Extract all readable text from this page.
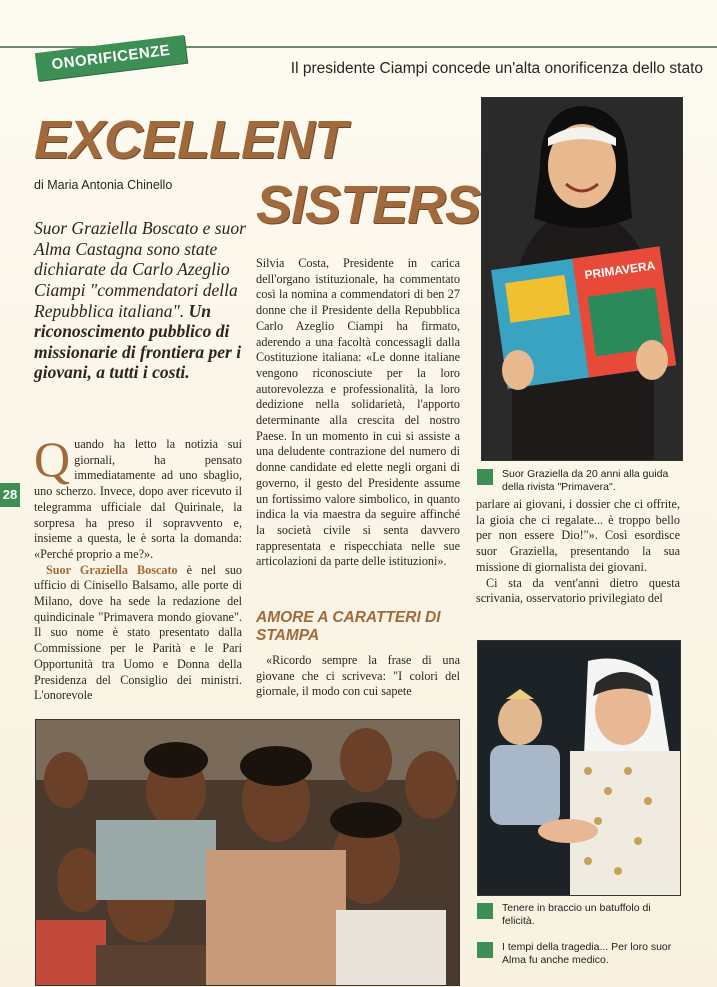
ONORIFICENZE	Il presidente Ciampi concede un'alta onorificenza dello stato
EXCELLENT
SISTERS
di Maria Antonia Chinello
Suor Graziella Boscato e suor Alma Castagna sono state dichiarate da Carlo Azeglio Ciampi "commendatori della Repubblica italiana". Un riconoscimento pubblico di missionarie di frontiera per i giovani, a tutti i costi.
28

Quando ha letto la notizia sui giornali, ha pensato immediatamente ad uno sbaglio, uno scherzo. Invece, dopo aver ricevuto il telegramma ufficiale dal Quirinale, la sorpresa ha preso il sopravvento e, insieme a questa, le è sorta la domanda: «Perché proprio a me?».

Suor Graziella Boscato è nel suo ufficio di Cinisello Balsamo, alle porte di Milano, dove ha sede la redazione del quindicinale "Primavera mondo giovane". Il suo nome è stato presentato dalla Commissione per le Parità e le Pari Opportunità tra Uomo e Donna della Presidenza del Consiglio dei ministri. L'onorevole

Silvia Costa, Presidente in carica dell'organo istituzionale, ha commentato così la nomina a commendatori di ben 27 donne che il Presidente della Repubblica Carlo Azeglio Ciampi ha firmato, aderendo a una facoltà concessagli dalla Costituzione italiana: «Le donne italiane vengono riconosciute per la loro autorevolezza e professionalità, la loro dedizione nella solidarietà, l'apporto determinante alla crescita del nostro Paese. In un momento in cui si assiste a una deludente contrazione del numero di donne candidate ed elette negli organi di governo, il gesto del Presidente assume un fortissimo valore simbolico, in quanto indica la via maestra da seguire affinché la società civile si senta davvero rappresentata e rispecchiata nelle sue articolazioni da parte delle istituzioni».

AMORE A CARATTERI DI STAMPA

«Ricordo sempre la frase di una giovane che ci scriveva: "I colori del giornale, il modo con cui sapete

parlare ai giovani, i dossier che ci offrite, la gioia che ci regalate... è troppo bello per non essere Dio!"». Così esordisce suor Graziella, presentando la sua missione di giornalista dei giovani.

Ci sta da vent'anni dietro questa scrivania, osservatorio privilegiato del

PRIMAVERA
Suor Graziella da 20 anni alla guida della rivista "Primavera".
Tenere in braccio un batuffolo di felicità.
I tempi della tragedia... Per loro suor Alma fu anche medico.
